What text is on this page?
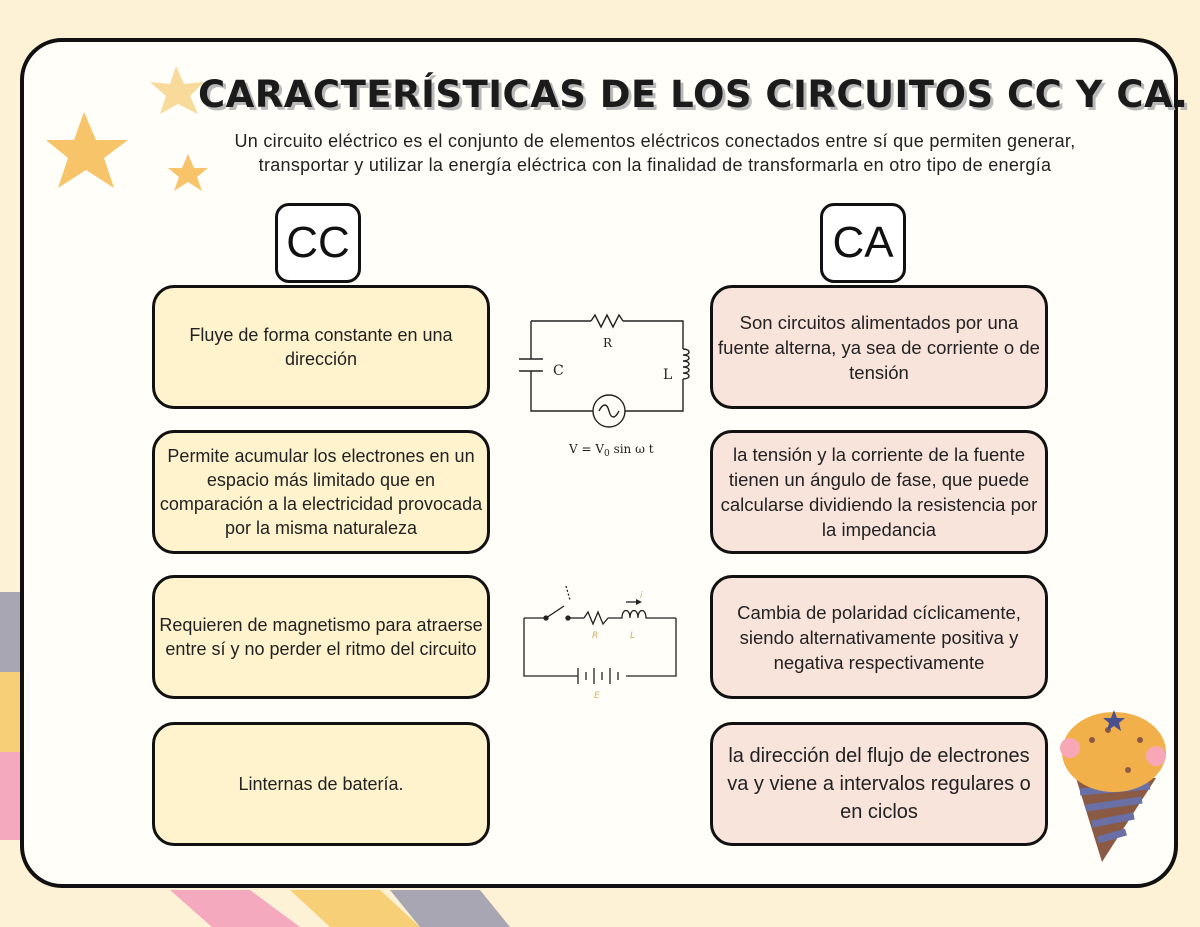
CARACTERÍSTICAS DE LOS CIRCUITOS CC Y CA.
Un circuito eléctrico es el conjunto de elementos eléctricos conectados entre sí que permiten generar, transportar y utilizar la energía eléctrica con la finalidad de transformarla en otro tipo de energía
CC	CA
Fluye de forma constante en una dirección
Permite acumular los electrones en un espacio más limitado que en comparación a la electricidad provocada por la misma naturaleza
Requieren de magnetismo para atraerse entre sí y no perder el ritmo del circuito
Linternas de batería.
Son circuitos alimentados por una fuente alterna, ya sea de corriente o de tensión
la tensión y la corriente de la fuente tienen un ángulo de fase, que puede calcularse dividiendo la resistencia por la impedancia
Cambia de polaridad cíclicamente, siendo alternativamente positiva y negativa respectivamente
la dirección del flujo de electrones va y viene a intervalos regulares o en ciclos
R
C	L
$V = V_0$ sin ω t
R	L
i
E
